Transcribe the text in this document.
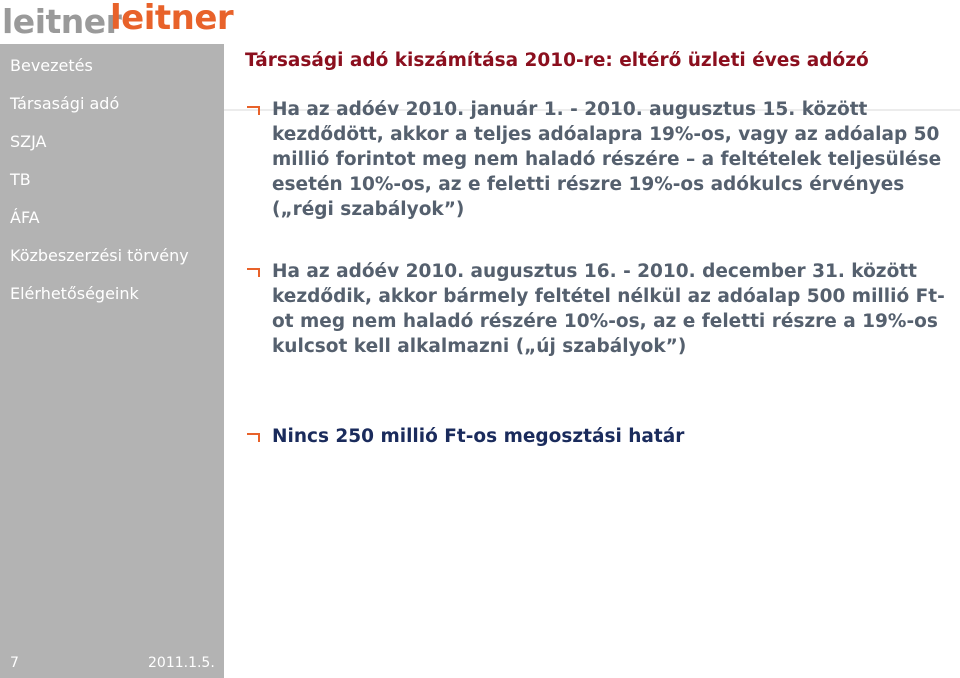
leitner
leitner
Bevezetés
Társasági adó
SZJA
TB
ÁFA
Közbeszerzési törvény
Elérhetőségeink
7	2011.1.5.
Társasági adó kiszámítása 2010-re: eltérő üzleti éves adózó
Ha az adóév 2010. január 1. - 2010. augusztus 15. között kezdődött, akkor a teljes adóalapra 19%-os, vagy az adóalap 50 millió forintot meg nem haladó részére – a feltételek teljesülése esetén 10%-os, az e feletti részre 19%-os adókulcs érvényes („régi szabályok”)
Ha az adóév 2010. augusztus 16. - 2010. december 31. között kezdődik, akkor bármely feltétel nélkül az adóalap 500 millió Ft-ot meg nem haladó részére 10%-os, az e feletti részre a 19%-os kulcsot kell alkalmazni („új szabályok”)
Nincs 250 millió Ft-os megosztási határ
